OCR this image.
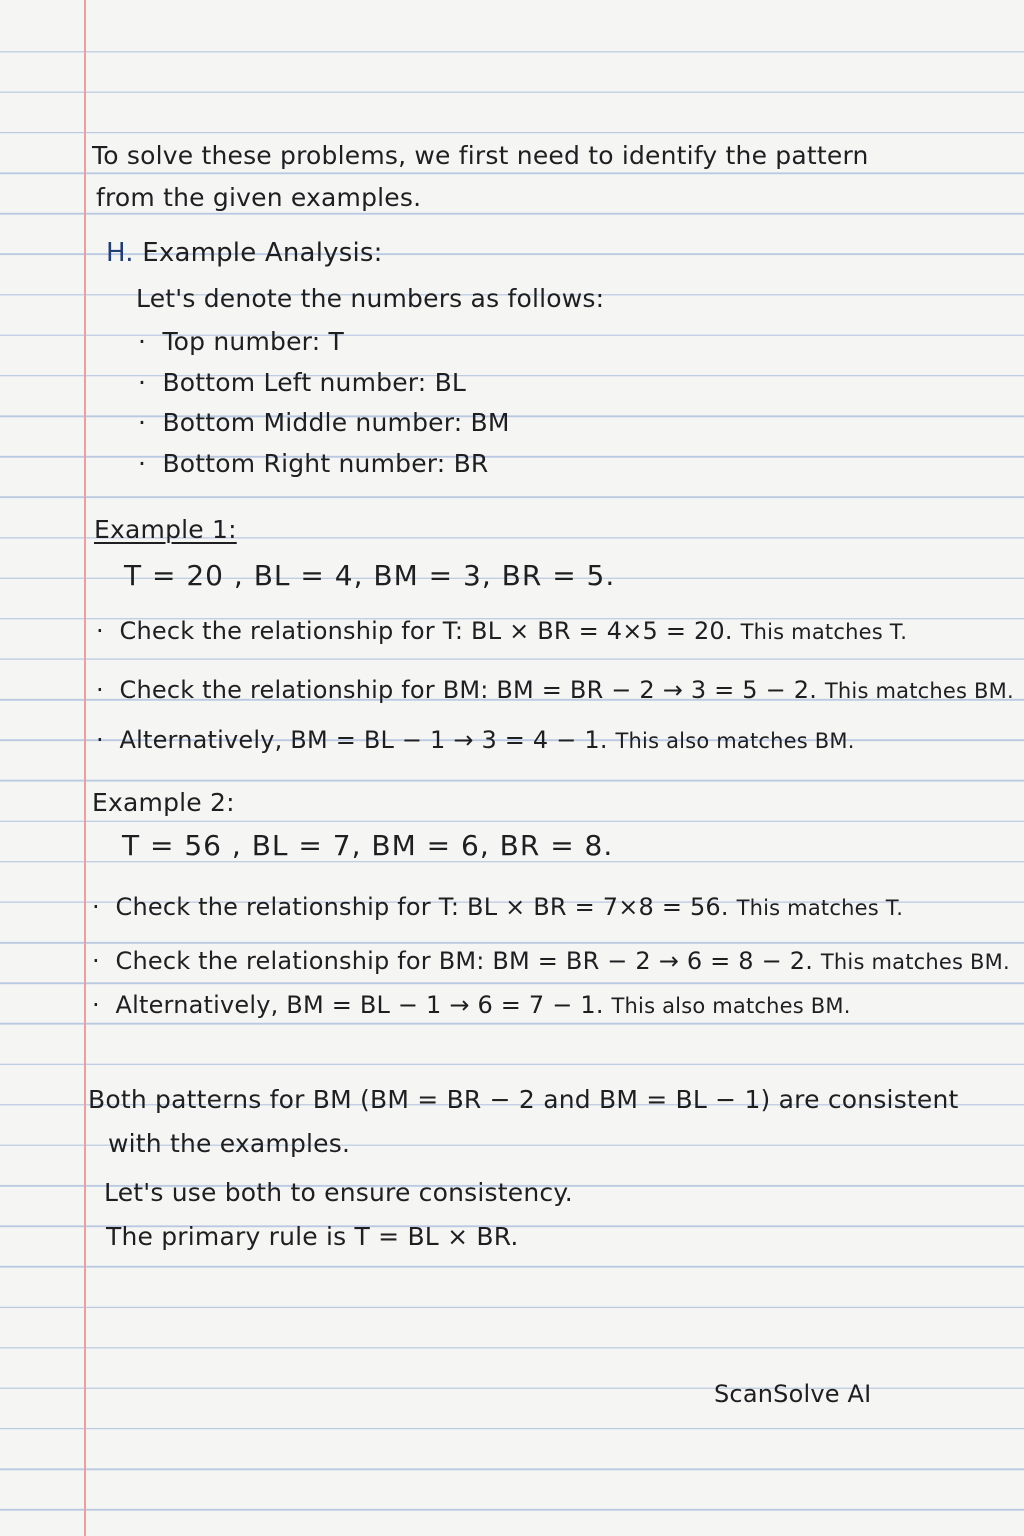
To solve these problems, we first need to identify the pattern
from the given examples.
H. Example Analysis:
Let's denote the numbers as follows:
·  Top number: T
·  Bottom Left number: BL
·  Bottom Middle number: BM
·  Bottom Right number: BR
Example 1:
T = 20 , BL = 4, BM = 3, BR = 5.
·  Check the relationship for T: BL × BR = 4×5 = 20. This matches T.
·  Check the relationship for BM: BM = BR − 2 → 3 = 5 − 2. This matches BM.
·  Alternatively, BM = BL − 1 → 3 = 4 − 1. This also matches BM.
Example 2:
T = 56 , BL = 7, BM = 6, BR = 8.
·  Check the relationship for T: BL × BR = 7×8 = 56. This matches T.
·  Check the relationship for BM: BM = BR − 2 → 6 = 8 − 2. This matches BM.
·  Alternatively, BM = BL − 1 → 6 = 7 − 1. This also matches BM.
Both patterns for BM (BM = BR − 2 and BM = BL − 1) are consistent
with the examples.
Let's use both to ensure consistency.
The primary rule is T = BL × BR.
ScanSolve AI
